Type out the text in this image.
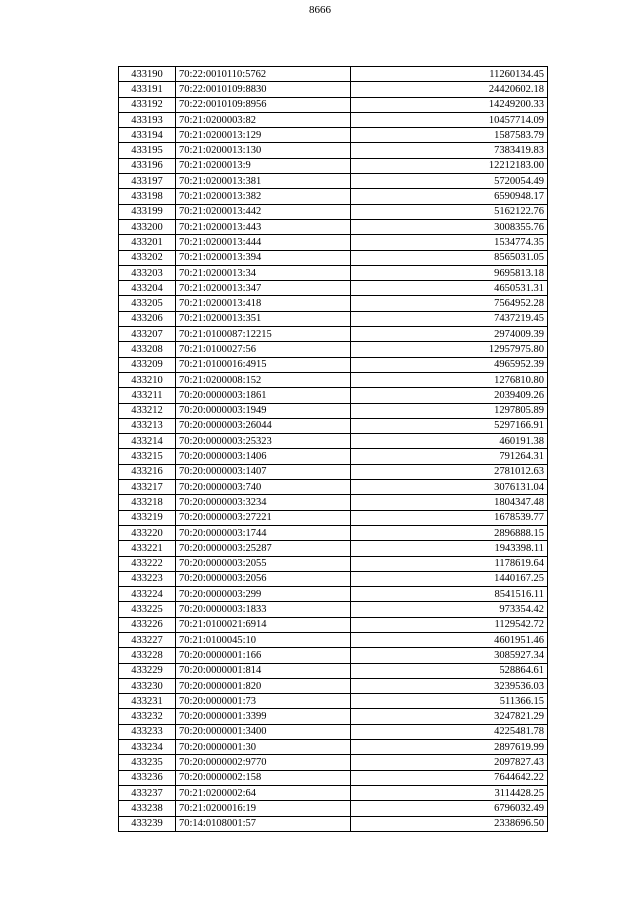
8666
433190	70:22:0010110:5762	11260134.45
433191	70:22:0010109:8830	24420602.18
433192	70:22:0010109:8956	14249200.33
433193	70:21:0200003:82	10457714.09
433194	70:21:0200013:129	1587583.79
433195	70:21:0200013:130	7383419.83
433196	70:21:0200013:9	12212183.00
433197	70:21:0200013:381	5720054.49
433198	70:21:0200013:382	6590948.17
433199	70:21:0200013:442	5162122.76
433200	70:21:0200013:443	3008355.76
433201	70:21:0200013:444	1534774.35
433202	70:21:0200013:394	8565031.05
433203	70:21:0200013:34	9695813.18
433204	70:21:0200013:347	4650531.31
433205	70:21:0200013:418	7564952.28
433206	70:21:0200013:351	7437219.45
433207	70:21:0100087:12215	2974009.39
433208	70:21:0100027:56	12957975.80
433209	70:21:0100016:4915	4965952.39
433210	70:21:0200008:152	1276810.80
433211	70:20:0000003:1861	2039409.26
433212	70:20:0000003:1949	1297805.89
433213	70:20:0000003:26044	5297166.91
433214	70:20:0000003:25323	460191.38
433215	70:20:0000003:1406	791264.31
433216	70:20:0000003:1407	2781012.63
433217	70:20:0000003:740	3076131.04
433218	70:20:0000003:3234	1804347.48
433219	70:20:0000003:27221	1678539.77
433220	70:20:0000003:1744	2896888.15
433221	70:20:0000003:25287	1943398.11
433222	70:20:0000003:2055	1178619.64
433223	70:20:0000003:2056	1440167.25
433224	70:20:0000003:299	8541516.11
433225	70:20:0000003:1833	973354.42
433226	70:21:0100021:6914	1129542.72
433227	70:21:0100045:10	4601951.46
433228	70:20:0000001:166	3085927.34
433229	70:20:0000001:814	528864.61
433230	70:20:0000001:820	3239536.03
433231	70:20:0000001:73	511366.15
433232	70:20:0000001:3399	3247821.29
433233	70:20:0000001:3400	4225481.78
433234	70:20:0000001:30	2897619.99
433235	70:20:0000002:9770	2097827.43
433236	70:20:0000002:158	7644642.22
433237	70:21:0200002:64	3114428.25
433238	70:21:0200016:19	6796032.49
433239	70:14:0108001:57	2338696.50
